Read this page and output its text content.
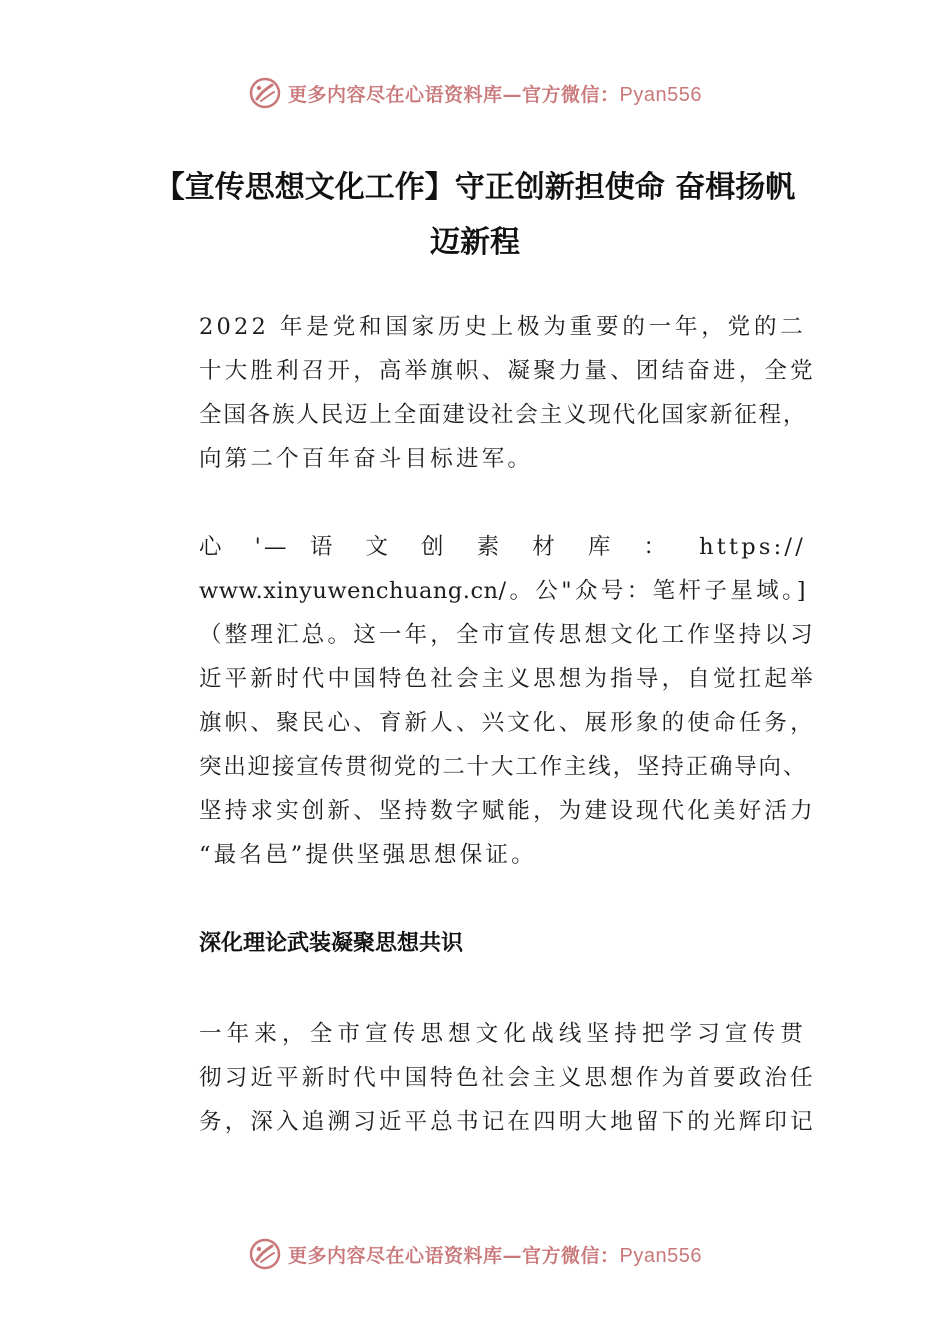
更多内容尽在心语资料库—官方微信：Pyan556
【宣传思想文化工作】守正创新担使命 奋楫扬帆迈新程

2022 年是党和国家历史上极为重要的一年，党的二
十大胜利召开，高举旗帜、凝聚力量、团结奋进，全党
全国各族人民迈上全面建设社会主义现代化国家新征程，
向第二个百年奋斗目标进军。

心 '— 语 文 创 素 材 库 ： https://
www.xinyuwenchuang.cn/。公"众号：笔杆子星域。]
（整理汇总。这一年，全市宣传思想文化工作坚持以习
近平新时代中国特色社会主义思想为指导，自觉扛起举
旗帜、聚民心、育新人、兴文化、展形象的使命任务，
突出迎接宣传贯彻党的二十大工作主线，坚持正确导向、
坚持求实创新、坚持数字赋能，为建设现代化美好活力
“最名邑”提供坚强思想保证。

深化理论武装凝聚思想共识

一年来，全市宣传思想文化战线坚持把学习宣传贯
彻习近平新时代中国特色社会主义思想作为首要政治任
务，深入追溯习近平总书记在四明大地留下的光辉印记

更多内容尽在心语资料库—官方微信：Pyan556
